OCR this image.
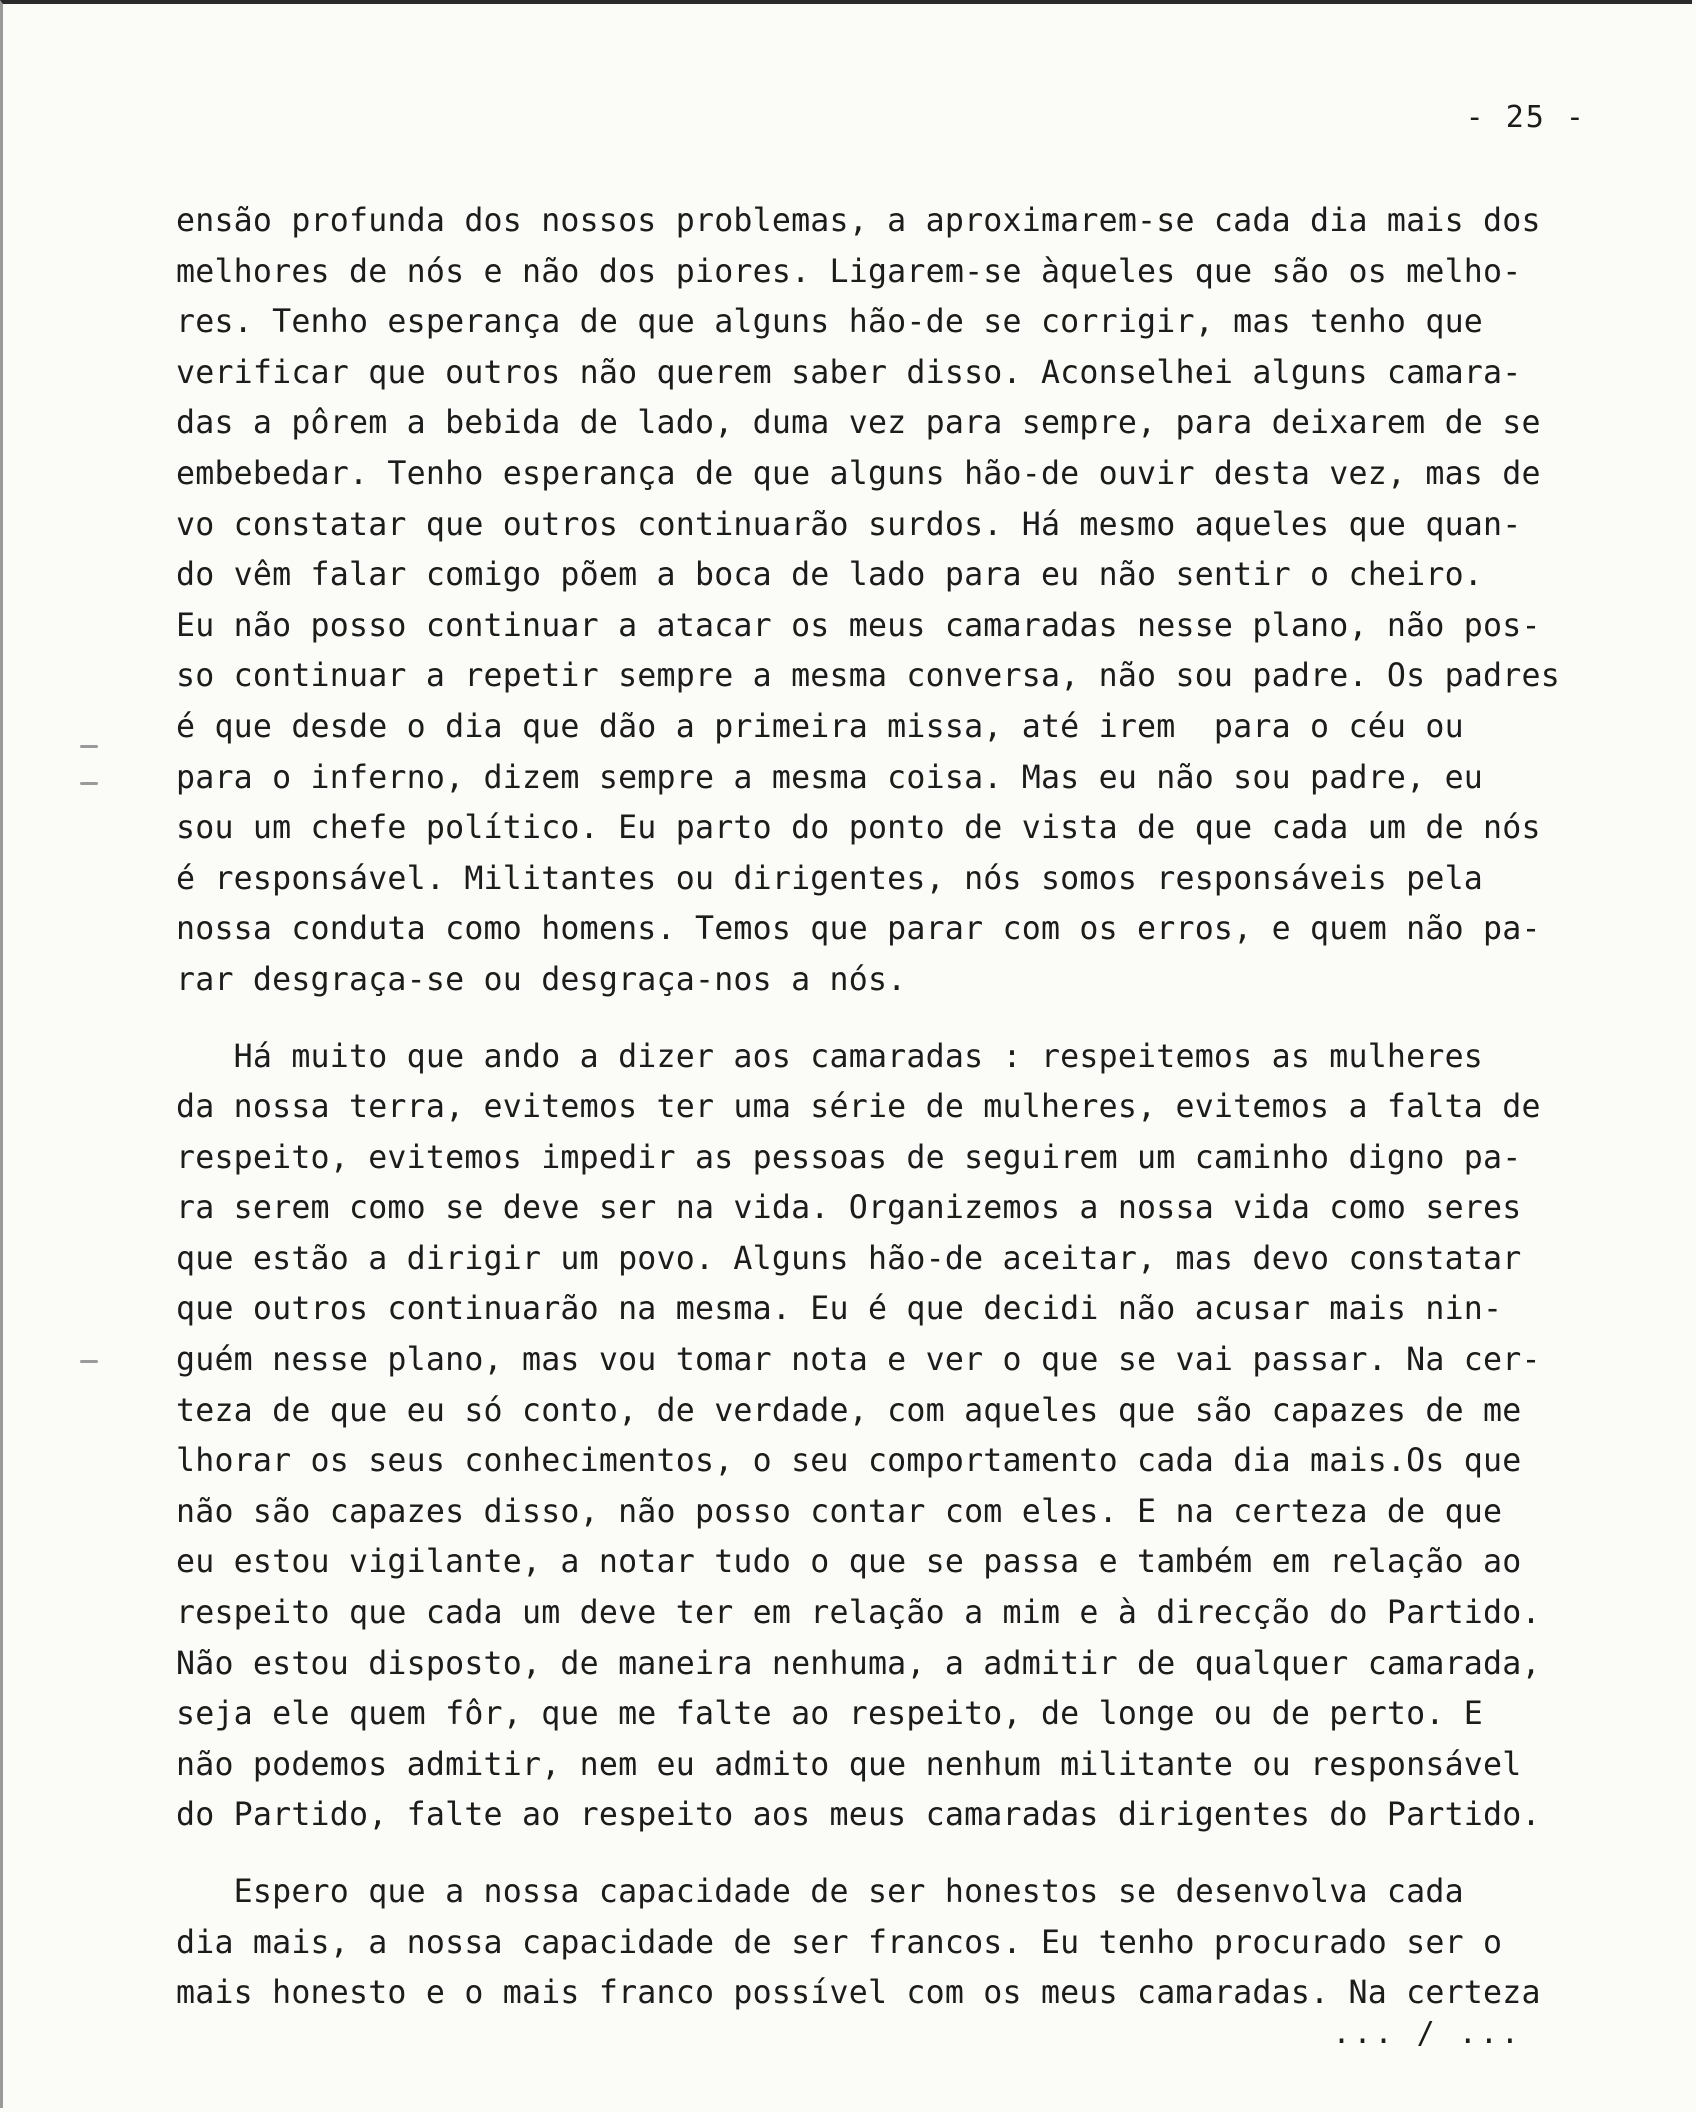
- 25 -

ensão profunda dos nossos problemas, a aproximarem-se cada dia mais dos
melhores de nós e não dos piores. Ligarem-se àqueles que são os melho-
res. Tenho esperança de que alguns hão-de se corrigir, mas tenho que
verificar que outros não querem saber disso. Aconselhei alguns camara-
das a pôrem a bebida de lado, duma vez para sempre, para deixarem de se
embebedar. Tenho esperança de que alguns hão-de ouvir desta vez, mas de
vo constatar que outros continuarão surdos. Há mesmo aqueles que quan-
do vêm falar comigo põem a boca de lado para eu não sentir o cheiro.
Eu não posso continuar a atacar os meus camaradas nesse plano, não pos-
so continuar a repetir sempre a mesma conversa, não sou padre. Os padres
é que desde o dia que dão a primeira missa, até irem  para o céu ou
para o inferno, dizem sempre a mesma coisa. Mas eu não sou padre, eu
sou um chefe político. Eu parto do ponto de vista de que cada um de nós
é responsável. Militantes ou dirigentes, nós somos responsáveis pela
nossa conduta como homens. Temos que parar com os erros, e quem não pa-
rar desgraça-se ou desgraça-nos a nós.

Há muito que ando a dizer aos camaradas : respeitemos as mulheres
da nossa terra, evitemos ter uma série de mulheres, evitemos a falta de
respeito, evitemos impedir as pessoas de seguirem um caminho digno pa-
ra serem como se deve ser na vida. Organizemos a nossa vida como seres
que estão a dirigir um povo. Alguns hão-de aceitar, mas devo constatar
que outros continuarão na mesma. Eu é que decidi não acusar mais nin-
guém nesse plano, mas vou tomar nota e ver o que se vai passar. Na cer-
teza de que eu só conto, de verdade, com aqueles que são capazes de me
lhorar os seus conhecimentos, o seu comportamento cada dia mais.Os que
não são capazes disso, não posso contar com eles. E na certeza de que
eu estou vigilante, a notar tudo o que se passa e também em relação ao
respeito que cada um deve ter em relação a mim e à direcção do Partido.
Não estou disposto, de maneira nenhuma, a admitir de qualquer camarada,
seja ele quem fôr, que me falte ao respeito, de longe ou de perto. E
não podemos admitir, nem eu admito que nenhum militante ou responsável
do Partido, falte ao respeito aos meus camaradas dirigentes do Partido.

Espero que a nossa capacidade de ser honestos se desenvolva cada
dia mais, a nossa capacidade de ser francos. Eu tenho procurado ser o
mais honesto e o mais franco possível com os meus camaradas. Na certeza

... / ...
